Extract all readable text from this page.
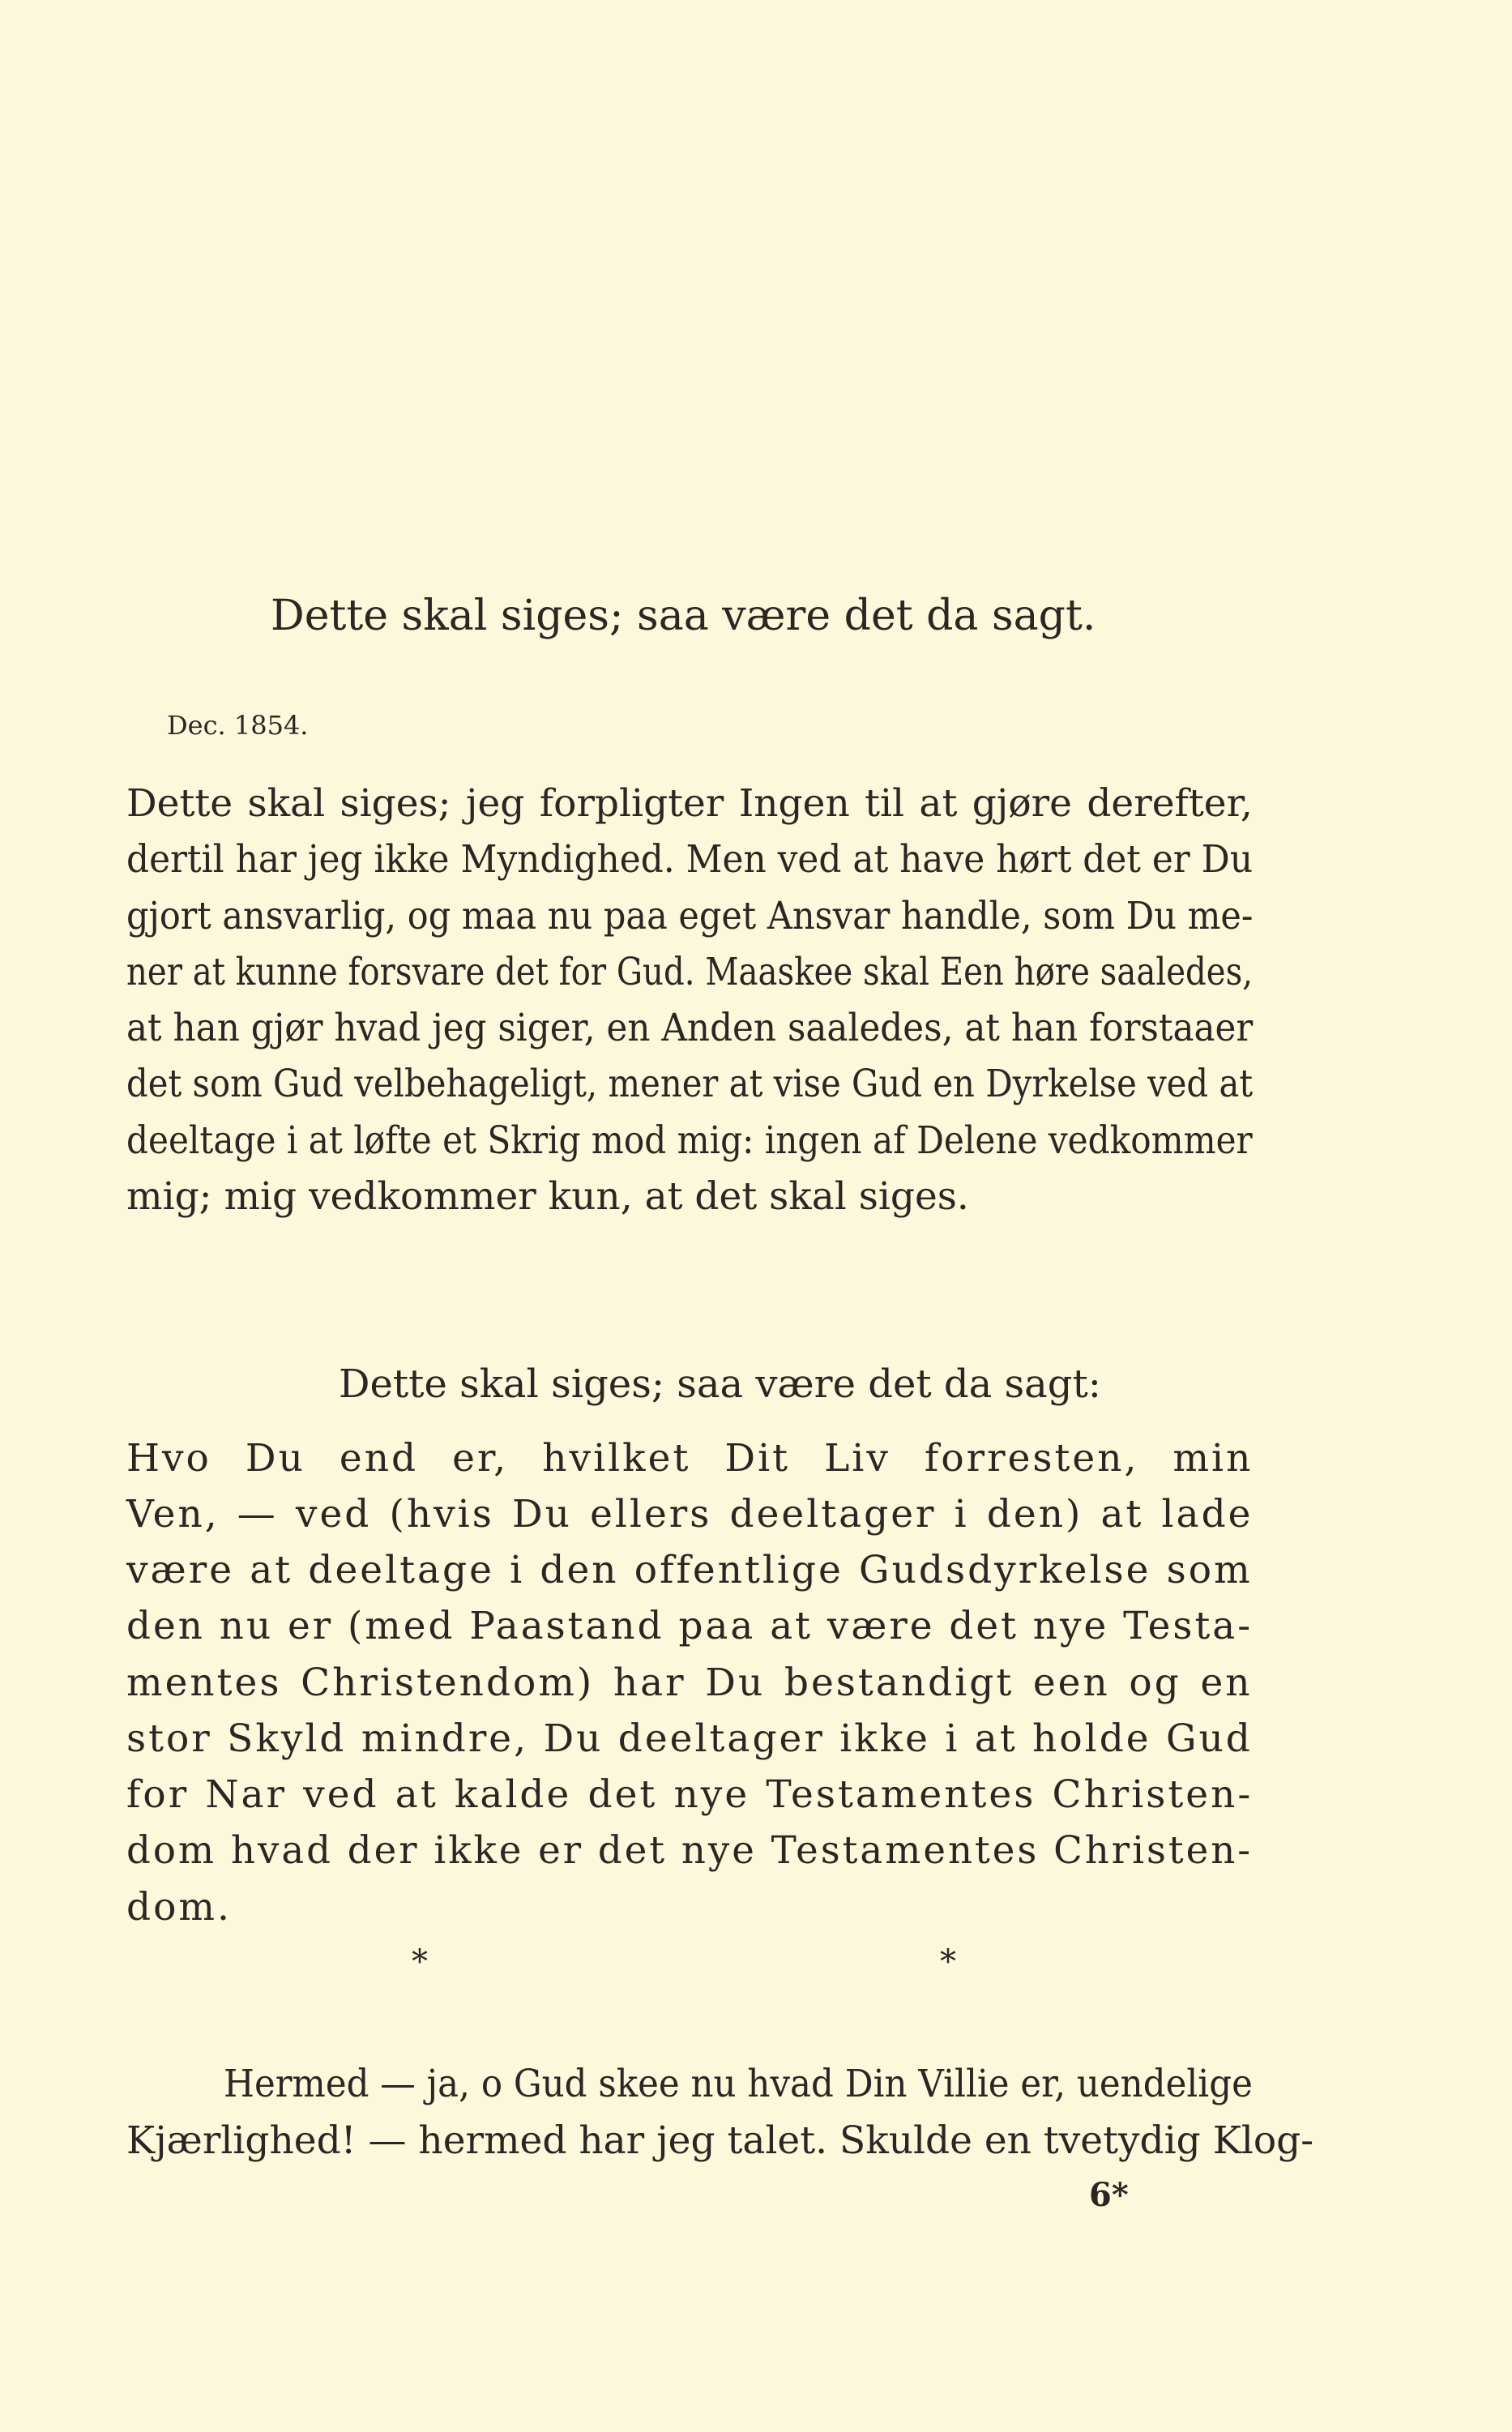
Dette skal siges; saa være det da sagt.
Dec. 1854.
Dette skal siges; jeg forpligter Ingen til at gjøre derefter,
dertil har jeg ikke Myndighed. Men ved at have hørt det er Du
gjort ansvarlig, og maa nu paa eget Ansvar handle, som Du me-
ner at kunne forsvare det for Gud. Maaskee skal Een høre saaledes,
at han gjør hvad jeg siger, en Anden saaledes, at han forstaaer
det som Gud velbehageligt, mener at vise Gud en Dyrkelse ved at
deeltage i at løfte et Skrig mod mig: ingen af Delene vedkommer
mig; mig vedkommer kun, at det skal siges.
Dette skal siges; saa være det da sagt:
Hvo Du end er, hvilket Dit Liv forresten, min
Ven, — ved (hvis Du ellers deeltager i den) at lade
være at deeltage i den offentlige Gudsdyrkelse som
den nu er (med Paastand paa at være det nye Testa-
mentes Christendom) har Du bestandigt een og en
stor Skyld mindre, Du deeltager ikke i at holde Gud
for Nar ved at kalde det nye Testamentes Christen-
dom hvad der ikke er det nye Testamentes Christen-
dom.
*	*
Hermed — ja, o Gud skee nu hvad Din Villie er, uendelige
Kjærlighed! — hermed har jeg talet. Skulde en tvetydig Klog-
6*
